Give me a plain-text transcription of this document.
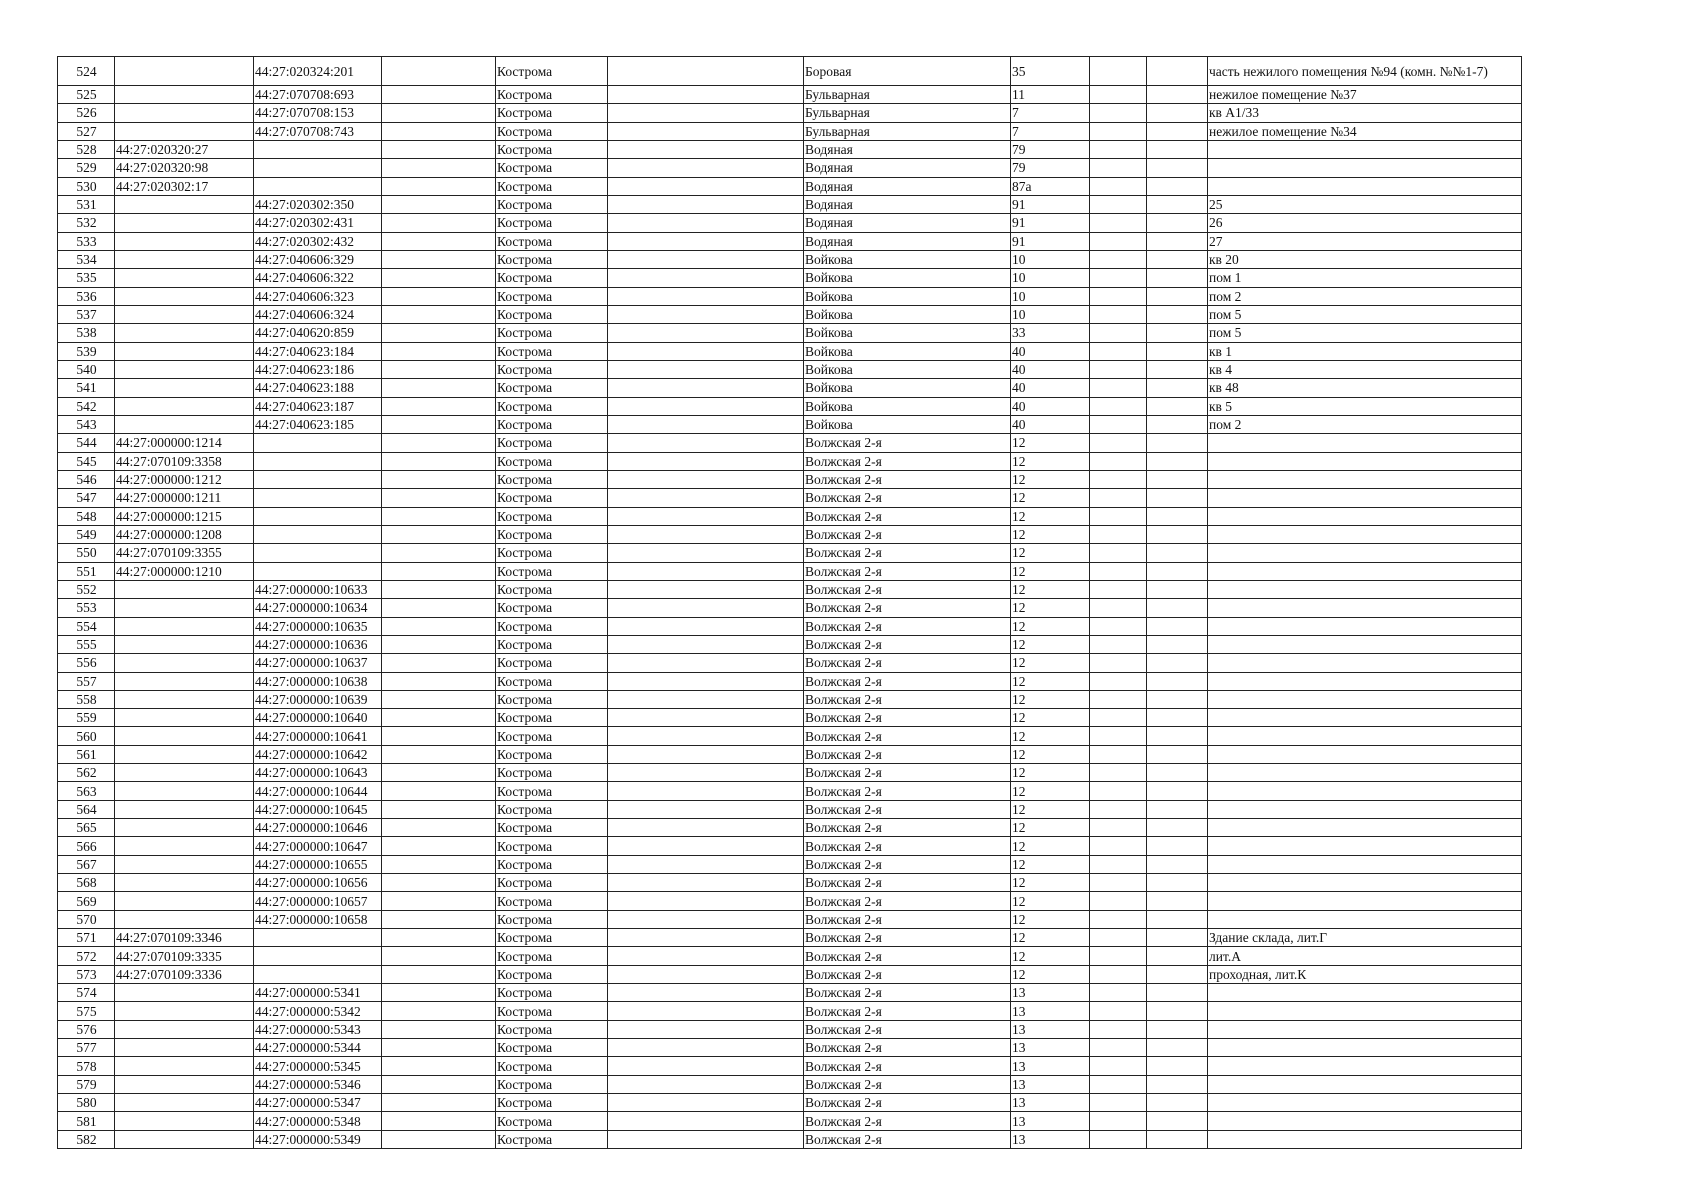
524		44:27:020324:201		Кострома		Боровая	35			часть нежилого помещения №94 (комн. №№1-7)
525		44:27:070708:693		Кострома		Бульварная	11			нежилое помещение №37
526		44:27:070708:153		Кострома		Бульварная	7			кв А1/33
527		44:27:070708:743		Кострома		Бульварная	7			нежилое помещение №34
528	44:27:020320:27			Кострома		Водяная	79			
529	44:27:020320:98			Кострома		Водяная	79			
530	44:27:020302:17			Кострома		Водяная	87а			
531		44:27:020302:350		Кострома		Водяная	91			25
532		44:27:020302:431		Кострома		Водяная	91			26
533		44:27:020302:432		Кострома		Водяная	91			27
534		44:27:040606:329		Кострома		Войкова	10			кв 20
535		44:27:040606:322		Кострома		Войкова	10			пом 1
536		44:27:040606:323		Кострома		Войкова	10			пом 2
537		44:27:040606:324		Кострома		Войкова	10			пом 5
538		44:27:040620:859		Кострома		Войкова	33			пом 5
539		44:27:040623:184		Кострома		Войкова	40			кв 1
540		44:27:040623:186		Кострома		Войкова	40			кв 4
541		44:27:040623:188		Кострома		Войкова	40			кв 48
542		44:27:040623:187		Кострома		Войкова	40			кв 5
543		44:27:040623:185		Кострома		Войкова	40			пом 2
544	44:27:000000:1214			Кострома		Волжская 2-я	12			
545	44:27:070109:3358			Кострома		Волжская 2-я	12			
546	44:27:000000:1212			Кострома		Волжская 2-я	12			
547	44:27:000000:1211			Кострома		Волжская 2-я	12			
548	44:27:000000:1215			Кострома		Волжская 2-я	12			
549	44:27:000000:1208			Кострома		Волжская 2-я	12			
550	44:27:070109:3355			Кострома		Волжская 2-я	12			
551	44:27:000000:1210			Кострома		Волжская 2-я	12			
552		44:27:000000:10633		Кострома		Волжская 2-я	12			
553		44:27:000000:10634		Кострома		Волжская 2-я	12			
554		44:27:000000:10635		Кострома		Волжская 2-я	12			
555		44:27:000000:10636		Кострома		Волжская 2-я	12			
556		44:27:000000:10637		Кострома		Волжская 2-я	12			
557		44:27:000000:10638		Кострома		Волжская 2-я	12			
558		44:27:000000:10639		Кострома		Волжская 2-я	12			
559		44:27:000000:10640		Кострома		Волжская 2-я	12			
560		44:27:000000:10641		Кострома		Волжская 2-я	12			
561		44:27:000000:10642		Кострома		Волжская 2-я	12			
562		44:27:000000:10643		Кострома		Волжская 2-я	12			
563		44:27:000000:10644		Кострома		Волжская 2-я	12			
564		44:27:000000:10645		Кострома		Волжская 2-я	12			
565		44:27:000000:10646		Кострома		Волжская 2-я	12			
566		44:27:000000:10647		Кострома		Волжская 2-я	12			
567		44:27:000000:10655		Кострома		Волжская 2-я	12			
568		44:27:000000:10656		Кострома		Волжская 2-я	12			
569		44:27:000000:10657		Кострома		Волжская 2-я	12			
570		44:27:000000:10658		Кострома		Волжская 2-я	12			
571	44:27:070109:3346			Кострома		Волжская 2-я	12			Здание склада, лит.Г
572	44:27:070109:3335			Кострома		Волжская 2-я	12			лит.А
573	44:27:070109:3336			Кострома		Волжская 2-я	12			проходная, лит.К
574		44:27:000000:5341		Кострома		Волжская 2-я	13			
575		44:27:000000:5342		Кострома		Волжская 2-я	13			
576		44:27:000000:5343		Кострома		Волжская 2-я	13			
577		44:27:000000:5344		Кострома		Волжская 2-я	13			
578		44:27:000000:5345		Кострома		Волжская 2-я	13			
579		44:27:000000:5346		Кострома		Волжская 2-я	13			
580		44:27:000000:5347		Кострома		Волжская 2-я	13			
581		44:27:000000:5348		Кострома		Волжская 2-я	13			
582		44:27:000000:5349		Кострома		Волжская 2-я	13			
